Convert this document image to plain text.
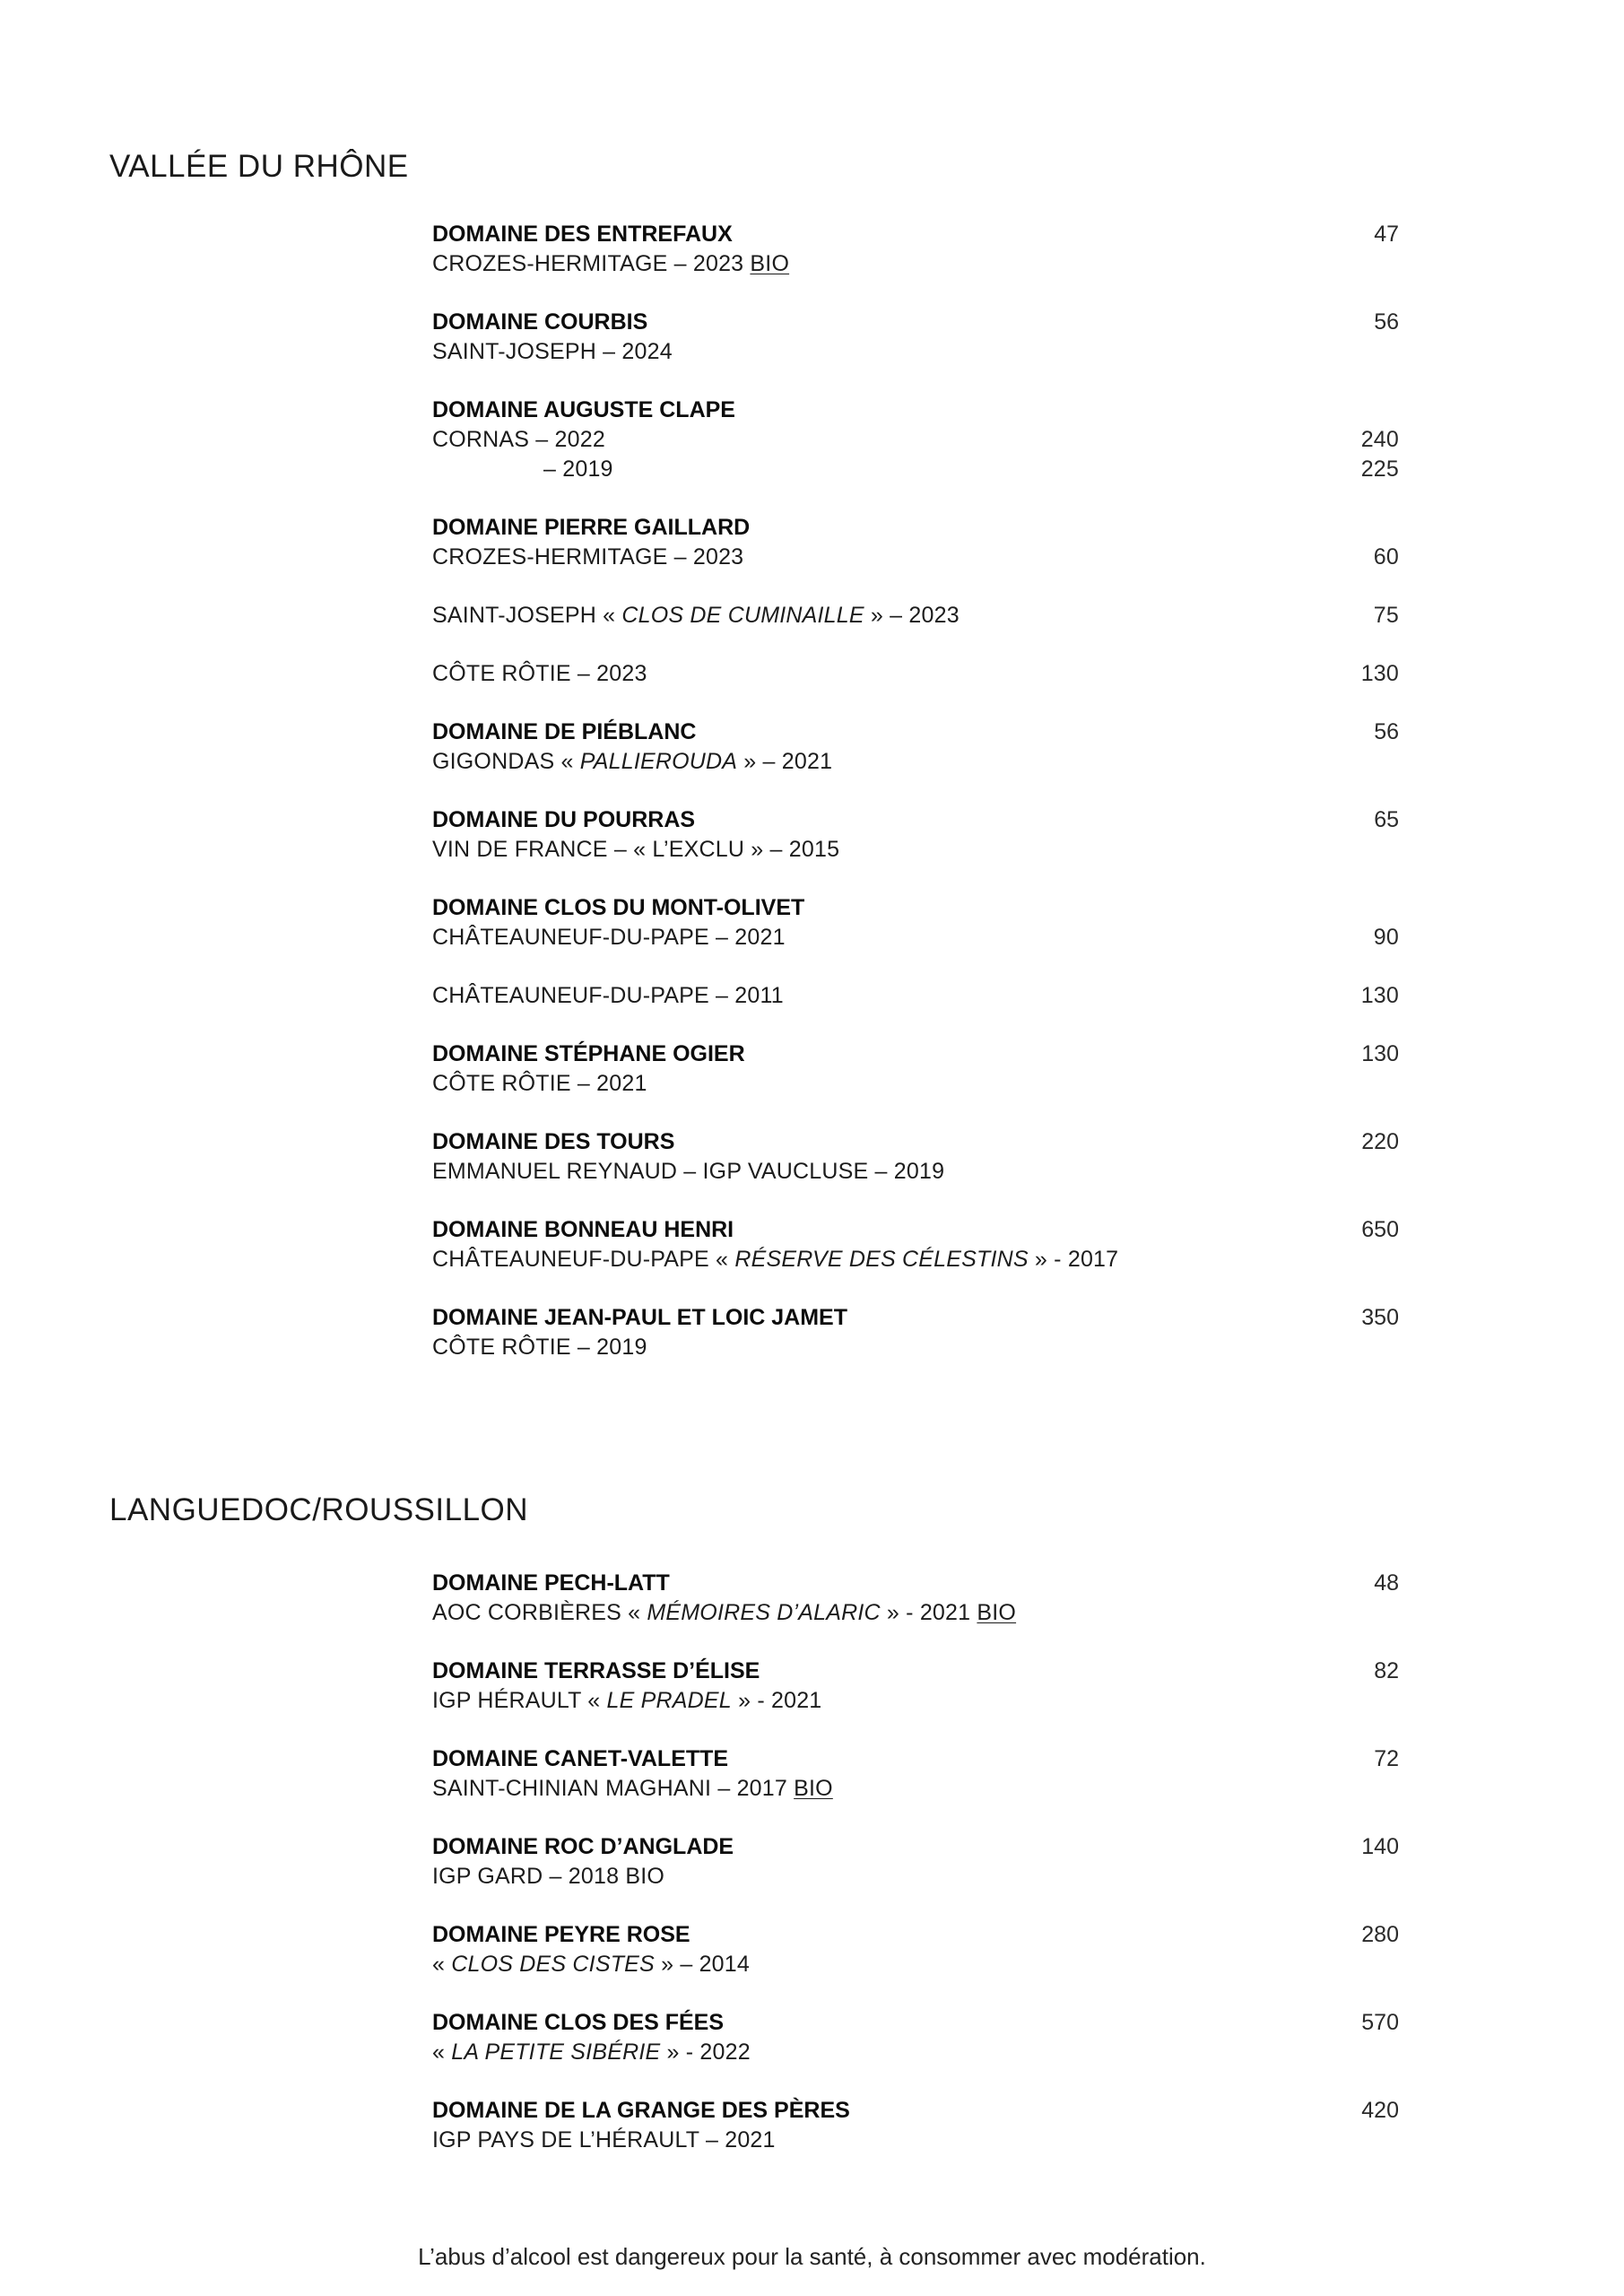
VALLÉE DU RHÔNE
DOMAINE DES ENTREFAUX	47
CROZES-HERMITAGE – 2023 BIO
DOMAINE COURBIS	56
SAINT-JOSEPH – 2024
DOMAINE AUGUSTE CLAPE
CORNAS – 2022	240
– 2019	225
DOMAINE PIERRE GAILLARD
CROZES-HERMITAGE – 2023	60
SAINT-JOSEPH « CLOS DE CUMINAILLE » – 2023	75
CÔTE RÔTIE – 2023	130
DOMAINE DE PIÉBLANC	56
GIGONDAS « PALLIEROUDA » – 2021
DOMAINE DU POURRAS	65
VIN DE FRANCE – « L’EXCLU » – 2015
DOMAINE CLOS DU MONT-OLIVET
CHÂTEAUNEUF-DU-PAPE – 2021	90
CHÂTEAUNEUF-DU-PAPE – 2011	130
DOMAINE STÉPHANE OGIER	130
CÔTE RÔTIE – 2021
DOMAINE DES TOURS	220
EMMANUEL REYNAUD – IGP VAUCLUSE – 2019
DOMAINE BONNEAU HENRI	650
CHÂTEAUNEUF-DU-PAPE « RÉSERVE DES CÉLESTINS » - 2017
DOMAINE JEAN-PAUL ET LOIC JAMET	350
CÔTE RÔTIE – 2019
LANGUEDOC/ROUSSILLON
DOMAINE PECH-LATT	48
AOC CORBIÈRES « MÉMOIRES D’ALARIC » - 2021 BIO
DOMAINE TERRASSE D’ÉLISE	82
IGP HÉRAULT « LE PRADEL » - 2021
DOMAINE CANET-VALETTE	72
SAINT-CHINIAN MAGHANI – 2017 BIO
DOMAINE ROC D’ANGLADE	140
IGP GARD – 2018 BIO
DOMAINE PEYRE ROSE	280
« CLOS DES CISTES » – 2014
DOMAINE CLOS DES FÉES	570
« LA PETITE SIBÉRIE » - 2022
DOMAINE DE LA GRANGE DES PÈRES	420
IGP PAYS DE L’HÉRAULT – 2021
L’abus d’alcool est dangereux pour la santé, à consommer avec modération.
